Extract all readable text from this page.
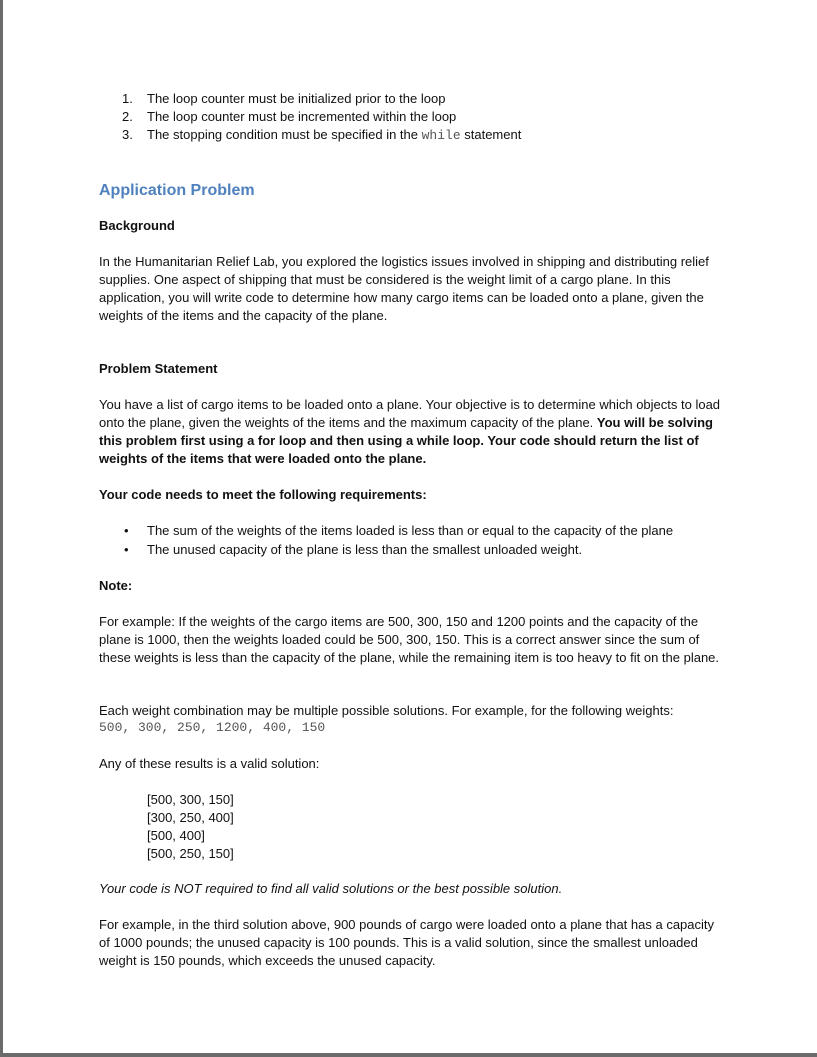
1. The loop counter must be initialized prior to the loop
2. The loop counter must be incremented within the loop
3. The stopping condition must be specified in the while statement
Application Problem
Background
In the Humanitarian Relief Lab, you explored the logistics issues involved in shipping and distributing relief supplies. One aspect of shipping that must be considered is the weight limit of a cargo plane. In this application, you will write code to determine how many cargo items can be loaded onto a plane, given the weights of the items and the capacity of the plane.
Problem Statement
You have a list of cargo items to be loaded onto a plane. Your objective is to determine which objects to load onto the plane, given the weights of the items and the maximum capacity of the plane. You will be solving this problem first using a for loop and then using a while loop. Your code should return the list of weights of the items that were loaded onto the plane.
Your code needs to meet the following requirements:
• The sum of the weights of the items loaded is less than or equal to the capacity of the plane
• The unused capacity of the plane is less than the smallest unloaded weight.
Note:
For example: If the weights of the cargo items are 500, 300, 150 and 1200 points and the capacity of the plane is 1000, then the weights loaded could be 500, 300, 150. This is a correct answer since the sum of these weights is less than the capacity of the plane, while the remaining item is too heavy to fit on the plane.
Each weight combination may be multiple possible solutions. For example, for the following weights:
500, 300, 250, 1200, 400, 150
Any of these results is a valid solution:
[500, 300, 150]
[300, 250, 400]
[500, 400]
[500, 250, 150]
Your code is NOT required to find all valid solutions or the best possible solution.
For example, in the third solution above, 900 pounds of cargo were loaded onto a plane that has a capacity of 1000 pounds; the unused capacity is 100 pounds. This is a valid solution, since the smallest unloaded weight is 150 pounds, which exceeds the unused capacity.
